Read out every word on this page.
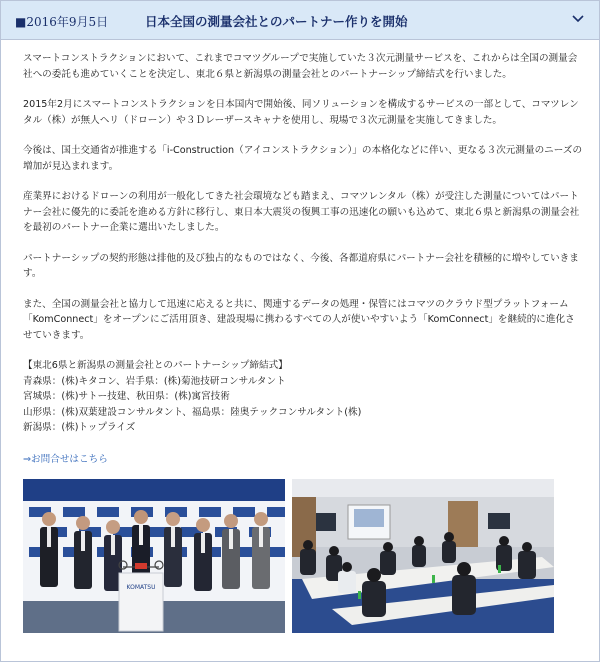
■2016年9月5日	日本全国の測量会社とのパートナー作りを開始

スマートコンストラクションにおいて、これまでコマツグループで実施していた３次元測量サービスを、これからは全国の測量会社への委託も進めていくことを決定し、東北６県と新潟県の測量会社とのパートナーシップ締結式を行いました。

2015年2月にスマートコンストラクションを日本国内で開始後、同ソリューションを構成するサービスの一部として、コマツレンタル（株）が無人ヘリ（ドローン）や３Ｄレーザースキャナを使用し、現場で３次元測量を実施してきました。

今後は、国土交通省が推進する「i-Construction（アイコンストラクション）」の本格化などに伴い、更なる３次元測量のニーズの増加が見込まれます。

産業界におけるドローンの利用が一般化してきた社会環境なども踏まえ、コマツレンタル（株）が受注した測量についてはパートナー会社に優先的に委託を進める方針に移行し、東日本大震災の復興工事の迅速化の願いも込めて、東北６県と新潟県の測量会社を最初のパートナー企業に選出いたしました。

パートナーシップの契約形態は排他的及び独占的なものではなく、今後、各都道府県にパートナー会社を積極的に増やしていきます。

また、全国の測量会社と協力して迅速に応えると共に、関連するデータの処理・保管にはコマツのクラウド型プラットフォーム「KomConnect」をオープンにご活用頂き、建設現場に携わるすべての人が使いやすいよう「KomConnect」を継続的に進化させていきます。

【東北6県と新潟県の測量会社とのパートナーシップ締結式】
青森県：(株)キタコン、岩手県：(株)菊池技研コンサルタント
宮城県：(株)サトー技建、秋田県：(株)寓宮技術
山形県：(株)双葉建設コンサルタント、福島県：陸奥テックコンサルタント(株)
新潟県：(株)トップライズ
⇒お問合せはこちら
KOMATSU
